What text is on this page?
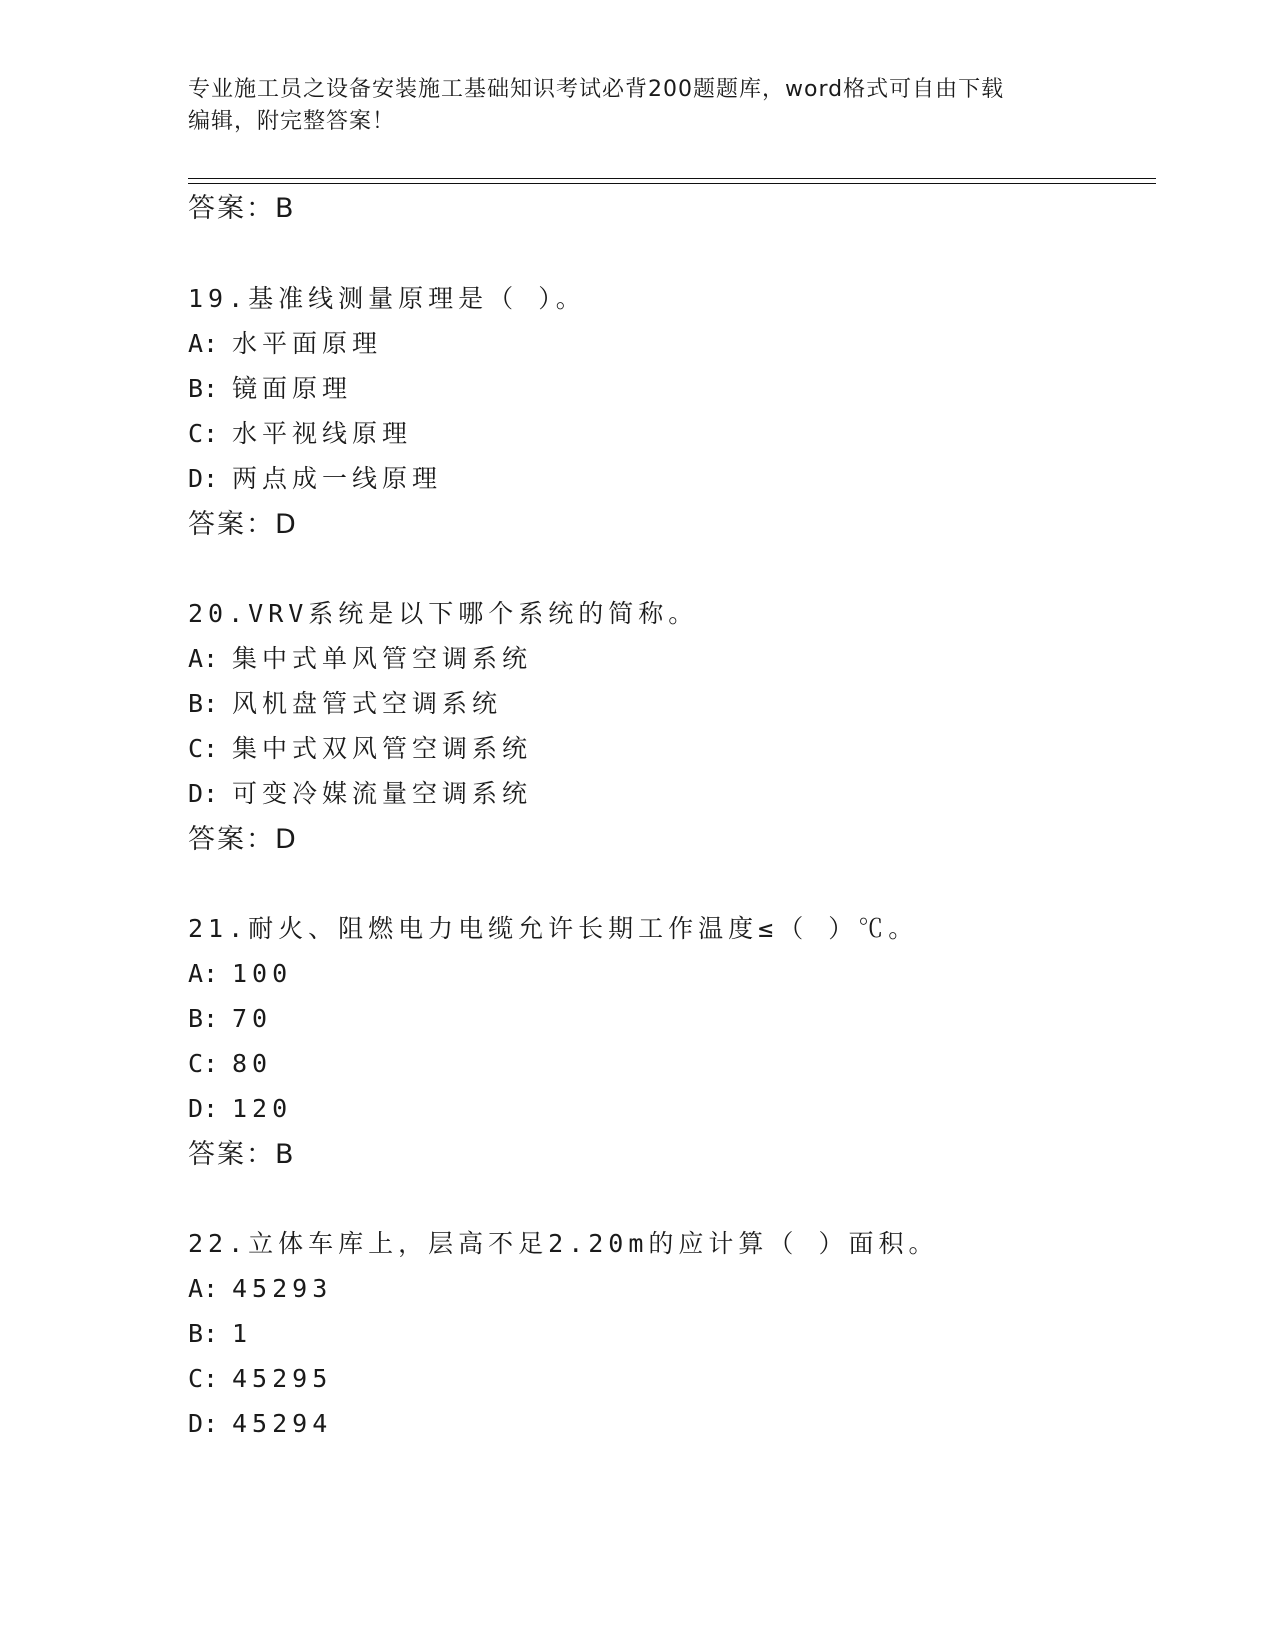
专业施工员之设备安装施工基础知识考试必背200题题库，word格式可自由下载
编辑，附完整答案！
答案：B
19.基准线测量原理是（ ）。
A: 水平面原理
B: 镜面原理
C: 水平视线原理
D: 两点成一线原理
答案：D
20.VRV系统是以下哪个系统的简称。
A: 集中式单风管空调系统
B: 风机盘管式空调系统
C: 集中式双风管空调系统
D: 可变冷媒流量空调系统
答案：D
21.耐火、阻燃电力电缆允许长期工作温度≤（ ）℃。
A: 100
B: 70
C: 80
D: 120
答案：B
22.立体车库上，层高不足2.20m的应计算（ ）面积。
A: 45293
B: 1
C: 45295
D: 45294
